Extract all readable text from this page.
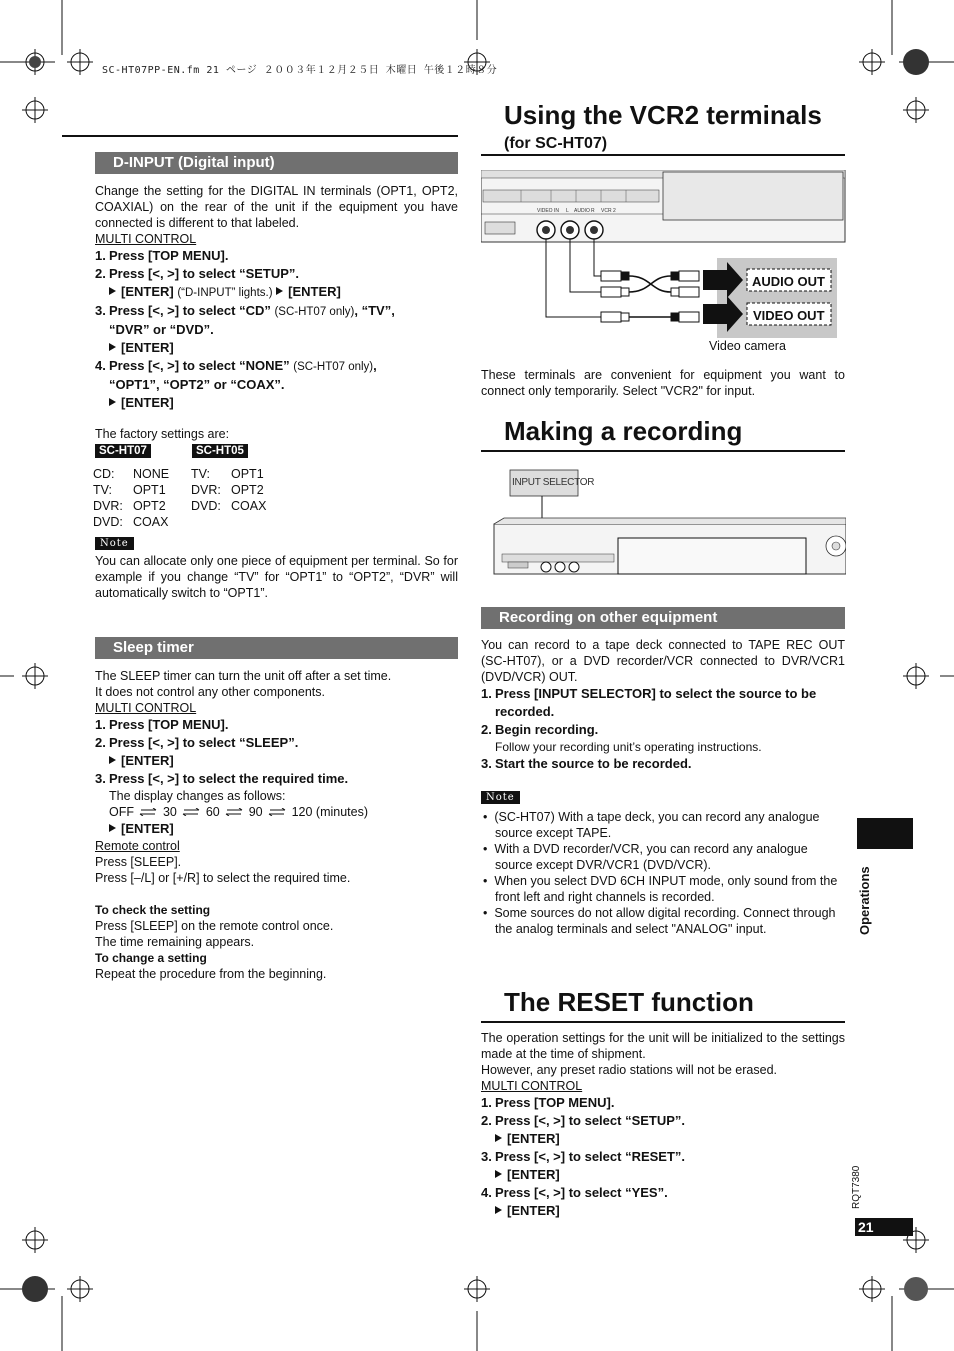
SC-HT07PP-EN.fm 21 ページ ２００３年１２月２５日 木曜日 午後１２時８分
D-INPUT (Digital input)
Change the setting for the DIGITAL IN terminals (OPT1, OPT2, COAXIAL) on the rear of the unit if the equipment you have connected is different to that labeled.
MULTI CONTROL
1. Press [TOP MENU].
2. Press [<, >] to select “SETUP”.
[ENTER] (“D-INPUT” lights.) [ENTER]
3. Press [<, >] to select “CD” (SC-HT07 only), “TV”,
“DVR” or “DVD”.
[ENTER]
4. Press [<, >] to select “NONE” (SC-HT07 only),
“OPT1”, “OPT2” or “COAX”.
[ENTER]
The factory settings are:
SC-HT07	SC-HT05
CD: NONE
TV: OPT1
DVR: OPT2
DVD: COAX
TV: OPT1
DVR: OPT2
DVD: COAX
Note
You can allocate only one piece of equipment per terminal. So for example if you change “TV” for “OPT1” to “OPT2”, “DVR” will automatically switch to “OPT1”.
Sleep timer
The SLEEP timer can turn the unit off after a set time.
It does not control any other components.
MULTI CONTROL
1. Press [TOP MENU].
2. Press [<, >] to select “SLEEP”.
[ENTER]
3. Press [<, >] to select the required time.
The display changes as follows:
OFF 30 60 90 120 (minutes)
[ENTER]
Remote control
Press [SLEEP].
Press [–/L] or [+/R] to select the required time.
To check the setting
Press [SLEEP] on the remote control once.
The time remaining appears.
To change a setting
Repeat the procedure from the beginning.
Using the VCR2 terminals
(for SC-HT07)
VIDEO IN L AUDIO R VCR 2
AUDIO OUT
VIDEO OUT
Video camera
These terminals are convenient for equipment you want to connect only temporarily. Select "VCR2" for input.
Making a recording
INPUT SELECTOR
Recording on other equipment
You can record to a tape deck connected to TAPE REC OUT (SC-HT07), or a DVD recorder/VCR connected to DVR/VCR1 (DVD/VCR) OUT.
1. Press [INPUT SELECTOR] to select the source to be recorded.
2. Begin recording.
Follow your recording unit’s operating instructions.
3. Start the source to be recorded.
Note
•  (SC-HT07) With a tape deck, you can record any analogue source except TAPE.
•  With a DVD recorder/VCR, you can record any analogue source except DVR/VCR1 (DVD/VCR).
•  When you select DVD 6CH INPUT mode, only sound from the front left and right channels is recorded.
•  Some sources do not allow digital recording. Connect through the analog terminals and select "ANALOG" input.
The RESET function
The operation settings for the unit will be initialized to the settings made at the time of shipment.
However, any preset radio stations will not be erased.
MULTI CONTROL
1. Press [TOP MENU].
2. Press [<, >] to select “SETUP”.
[ENTER]
3. Press [<, >] to select “RESET”.
[ENTER]
4. Press [<, >] to select “YES”.
[ENTER]
Operations
RQT7380
21
